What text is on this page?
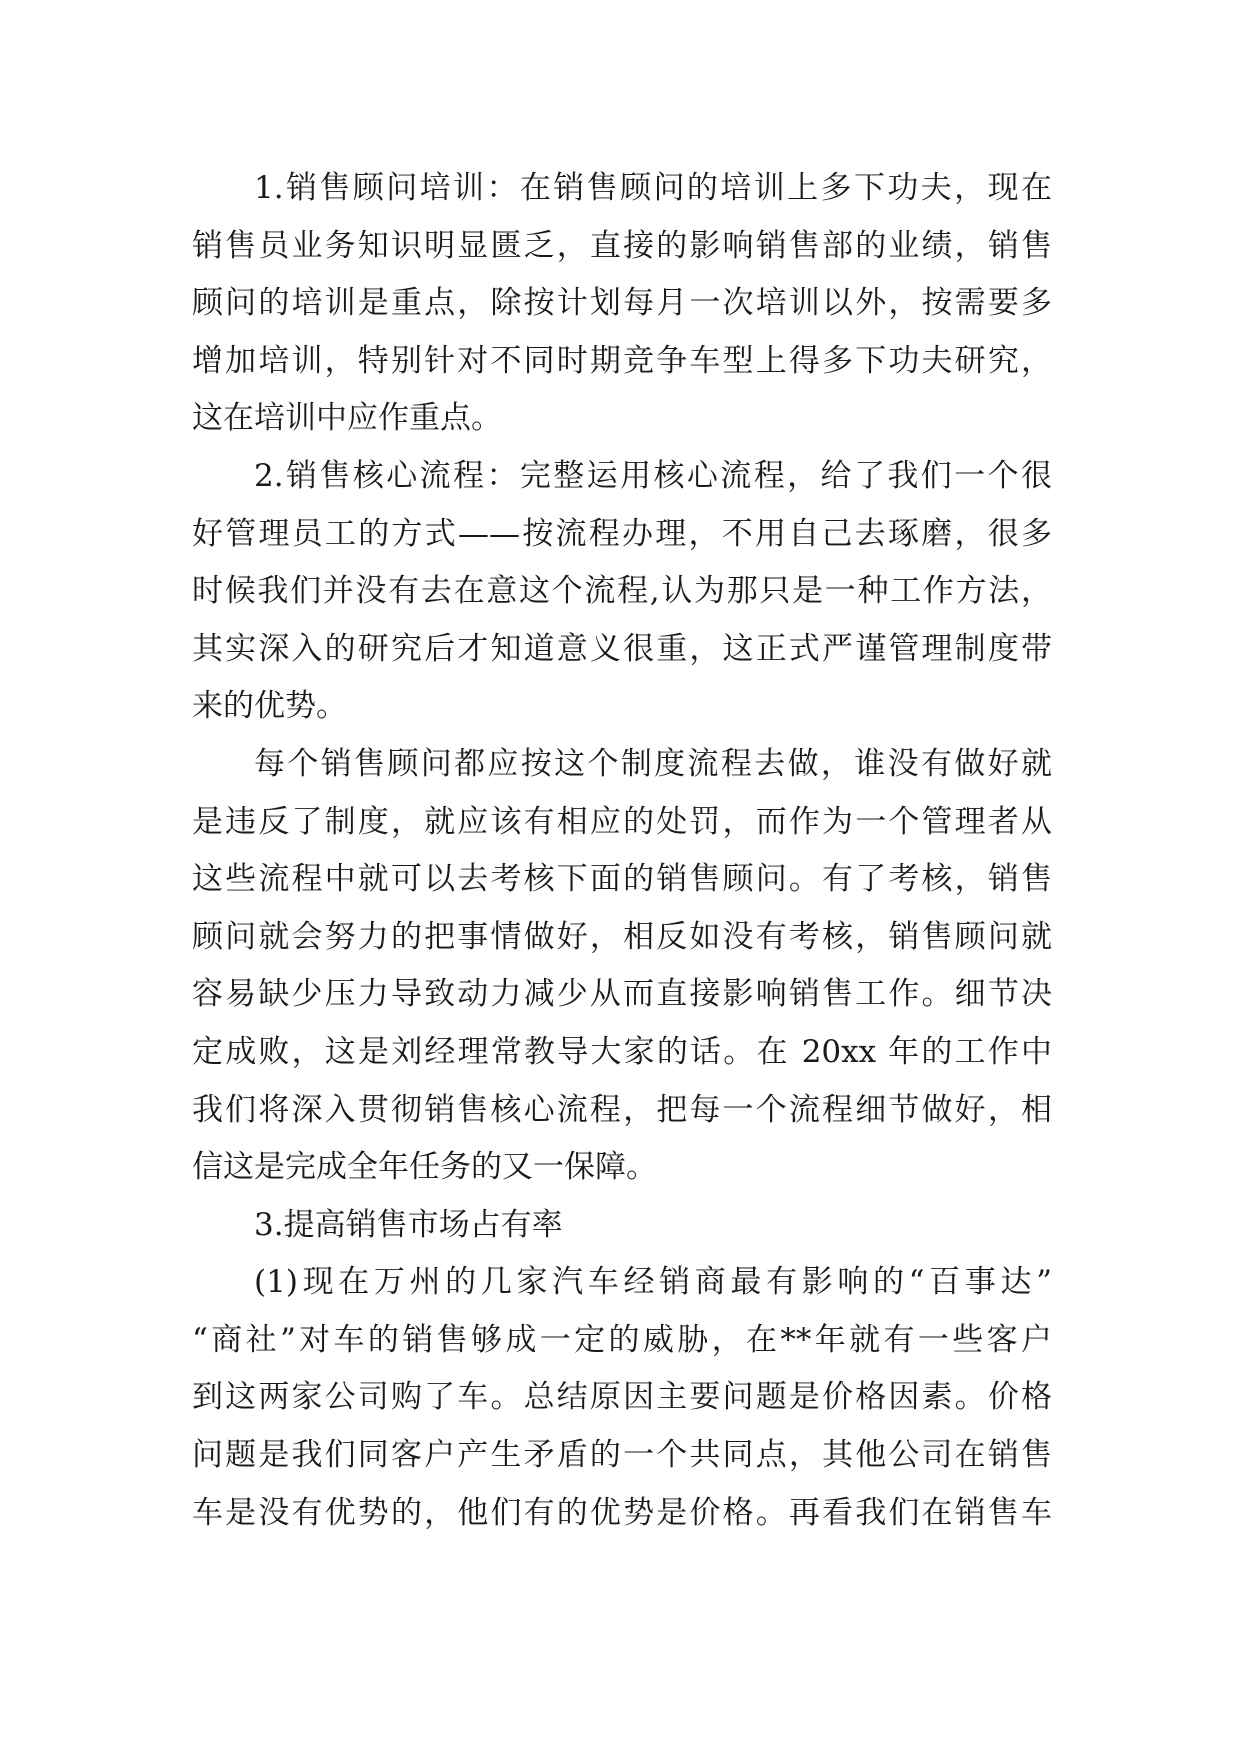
1.销售顾问培训：在销售顾问的培训上多下功夫，现在
销售员业务知识明显匮乏，直接的影响销售部的业绩，销售
顾问的培训是重点，除按计划每月一次培训以外，按需要多
增加培训，特别针对不同时期竞争车型上得多下功夫研究，
这在培训中应作重点。
2.销售核心流程：完整运用核心流程，给了我们一个很
好管理员工的方式——按流程办理，不用自己去琢磨，很多
时候我们并没有去在意这个流程,认为那只是一种工作方法，
其实深入的研究后才知道意义很重，这正式严谨管理制度带
来的优势。
每个销售顾问都应按这个制度流程去做，谁没有做好就
是违反了制度，就应该有相应的处罚，而作为一个管理者从
这些流程中就可以去考核下面的销售顾问。有了考核，销售
顾问就会努力的把事情做好，相反如没有考核，销售顾问就
容易缺少压力导致动力减少从而直接影响销售工作。细节决
定成败，这是刘经理常教导大家的话。在 20xx 年的工作中
我们将深入贯彻销售核心流程，把每一个流程细节做好，相
信这是完成全年任务的又一保障。
3.提高销售市场占有率
(1)现在万州的几家汽车经销商最有影响的“百事达”
“商社”对车的销售够成一定的威胁，在**年就有一些客户
到这两家公司购了车。总结原因主要问题是价格因素。价格
问题是我们同客户产生矛盾的一个共同点，其他公司在销售
车是没有优势的，他们有的优势是价格。再看我们在销售车
